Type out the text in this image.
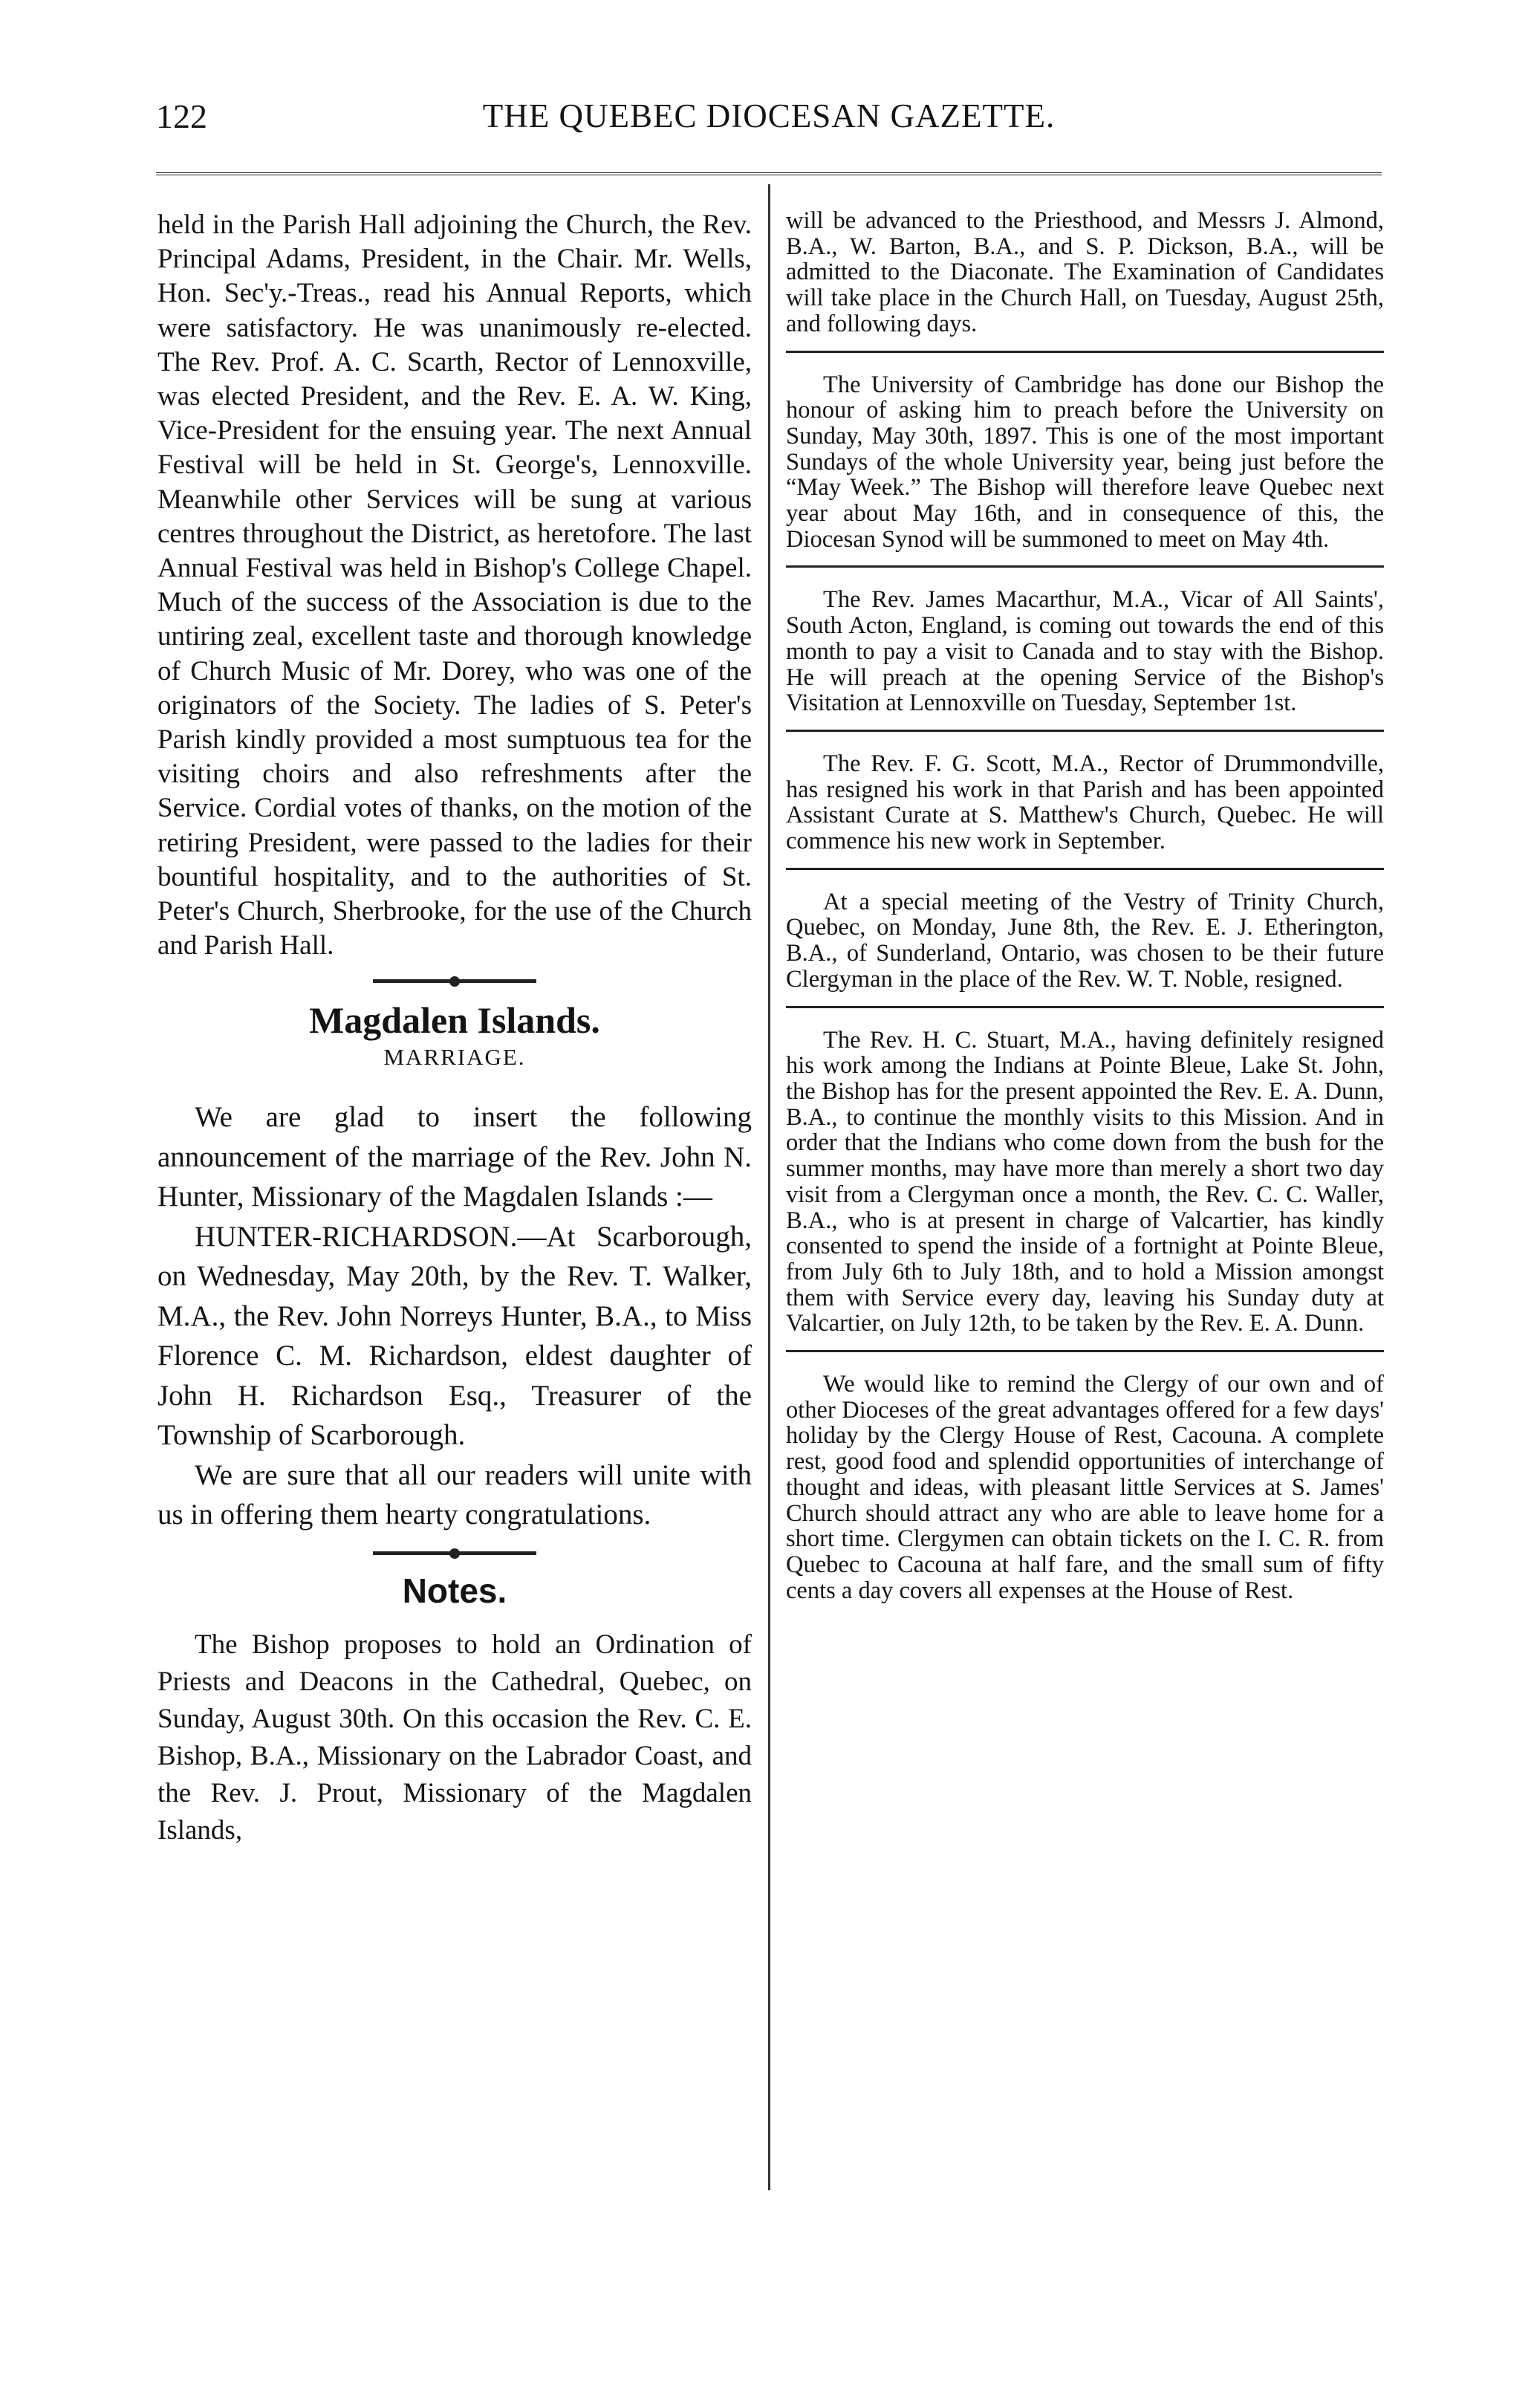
122	THE QUEBEC DIOCESAN GAZETTE.

held in the Parish Hall adjoining the Church, the Rev. Principal Adams, President, in the Chair. Mr. Wells, Hon. Sec'y.-Treas., read his Annual Reports, which were satisfactory. He was unanimously re-elected. The Rev. Prof. A. C. Scarth, Rector of Lennoxville, was elected President, and the Rev. E. A. W. King, Vice-President for the ensuing year. The next Annual Festival will be held in St. George's, Lennoxville. Meanwhile other Services will be sung at various centres throughout the District, as heretofore. The last Annual Festival was held in Bishop's College Chapel. Much of the success of the Association is due to the untiring zeal, excellent taste and thorough knowledge of Church Music of Mr. Dorey, who was one of the originators of the Society. The ladies of S. Peter's Parish kindly provided a most sumptuous tea for the visiting choirs and also refreshments after the Service. Cordial votes of thanks, on the motion of the retiring President, were passed to the ladies for their bountiful hospitality, and to the authorities of St. Peter's Church, Sherbrooke, for the use of the Church and Parish Hall.

Magdalen Islands.
MARRIAGE.

We are glad to insert the following announcement of the marriage of the Rev. John N. Hunter, Missionary of the Magdalen Islands :—

HUNTER-RICHARDSON.—At Scarborough, on Wednesday, May 20th, by the Rev. T. Walker, M.A., the Rev. John Norreys Hunter, B.A., to Miss Florence C. M. Richardson, eldest daughter of John H. Richardson Esq., Treasurer of the Township of Scarborough.

We are sure that all our readers will unite with us in offering them hearty congratulations.

Notes.

The Bishop proposes to hold an Ordination of Priests and Deacons in the Cathedral, Quebec, on Sunday, August 30th. On this occasion the Rev. C. E. Bishop, B.A., Missionary on the Labrador Coast, and the Rev. J. Prout, Missionary of the Magdalen Islands,

will be advanced to the Priesthood, and Messrs J. Almond, B.A., W. Barton, B.A., and S. P. Dickson, B.A., will be admitted to the Diaconate. The Examination of Candidates will take place in the Church Hall, on Tuesday, August 25th, and following days.

The University of Cambridge has done our Bishop the honour of asking him to preach before the University on Sunday, May 30th, 1897. This is one of the most important Sundays of the whole University year, being just before the “May Week.” The Bishop will therefore leave Quebec next year about May 16th, and in consequence of this, the Diocesan Synod will be summoned to meet on May 4th.

The Rev. James Macarthur, M.A., Vicar of All Saints', South Acton, England, is coming out towards the end of this month to pay a visit to Canada and to stay with the Bishop. He will preach at the opening Service of the Bishop's Visitation at Lennoxville on Tuesday, September 1st.

The Rev. F. G. Scott, M.A., Rector of Drummondville, has resigned his work in that Parish and has been appointed Assistant Curate at S. Matthew's Church, Quebec. He will commence his new work in September.

At a special meeting of the Vestry of Trinity Church, Quebec, on Monday, June 8th, the Rev. E. J. Etherington, B.A., of Sunderland, Ontario, was chosen to be their future Clergyman in the place of the Rev. W. T. Noble, resigned.

The Rev. H. C. Stuart, M.A., having definitely resigned his work among the Indians at Pointe Bleue, Lake St. John, the Bishop has for the present appointed the Rev. E. A. Dunn, B.A., to continue the monthly visits to this Mission. And in order that the Indians who come down from the bush for the summer months, may have more than merely a short two day visit from a Clergyman once a month, the Rev. C. C. Waller, B.A., who is at present in charge of Valcartier, has kindly consented to spend the inside of a fortnight at Pointe Bleue, from July 6th to July 18th, and to hold a Mission amongst them with Service every day, leaving his Sunday duty at Valcartier, on July 12th, to be taken by the Rev. E. A. Dunn.

We would like to remind the Clergy of our own and of other Dioceses of the great advantages offered for a few days' holiday by the Clergy House of Rest, Cacouna. A complete rest, good food and splendid opportunities of interchange of thought and ideas, with pleasant little Services at S. James' Church should attract any who are able to leave home for a short time. Clergymen can obtain tickets on the I. C. R. from Quebec to Cacouna at half fare, and the small sum of fifty cents a day covers all expenses at the House of Rest.
